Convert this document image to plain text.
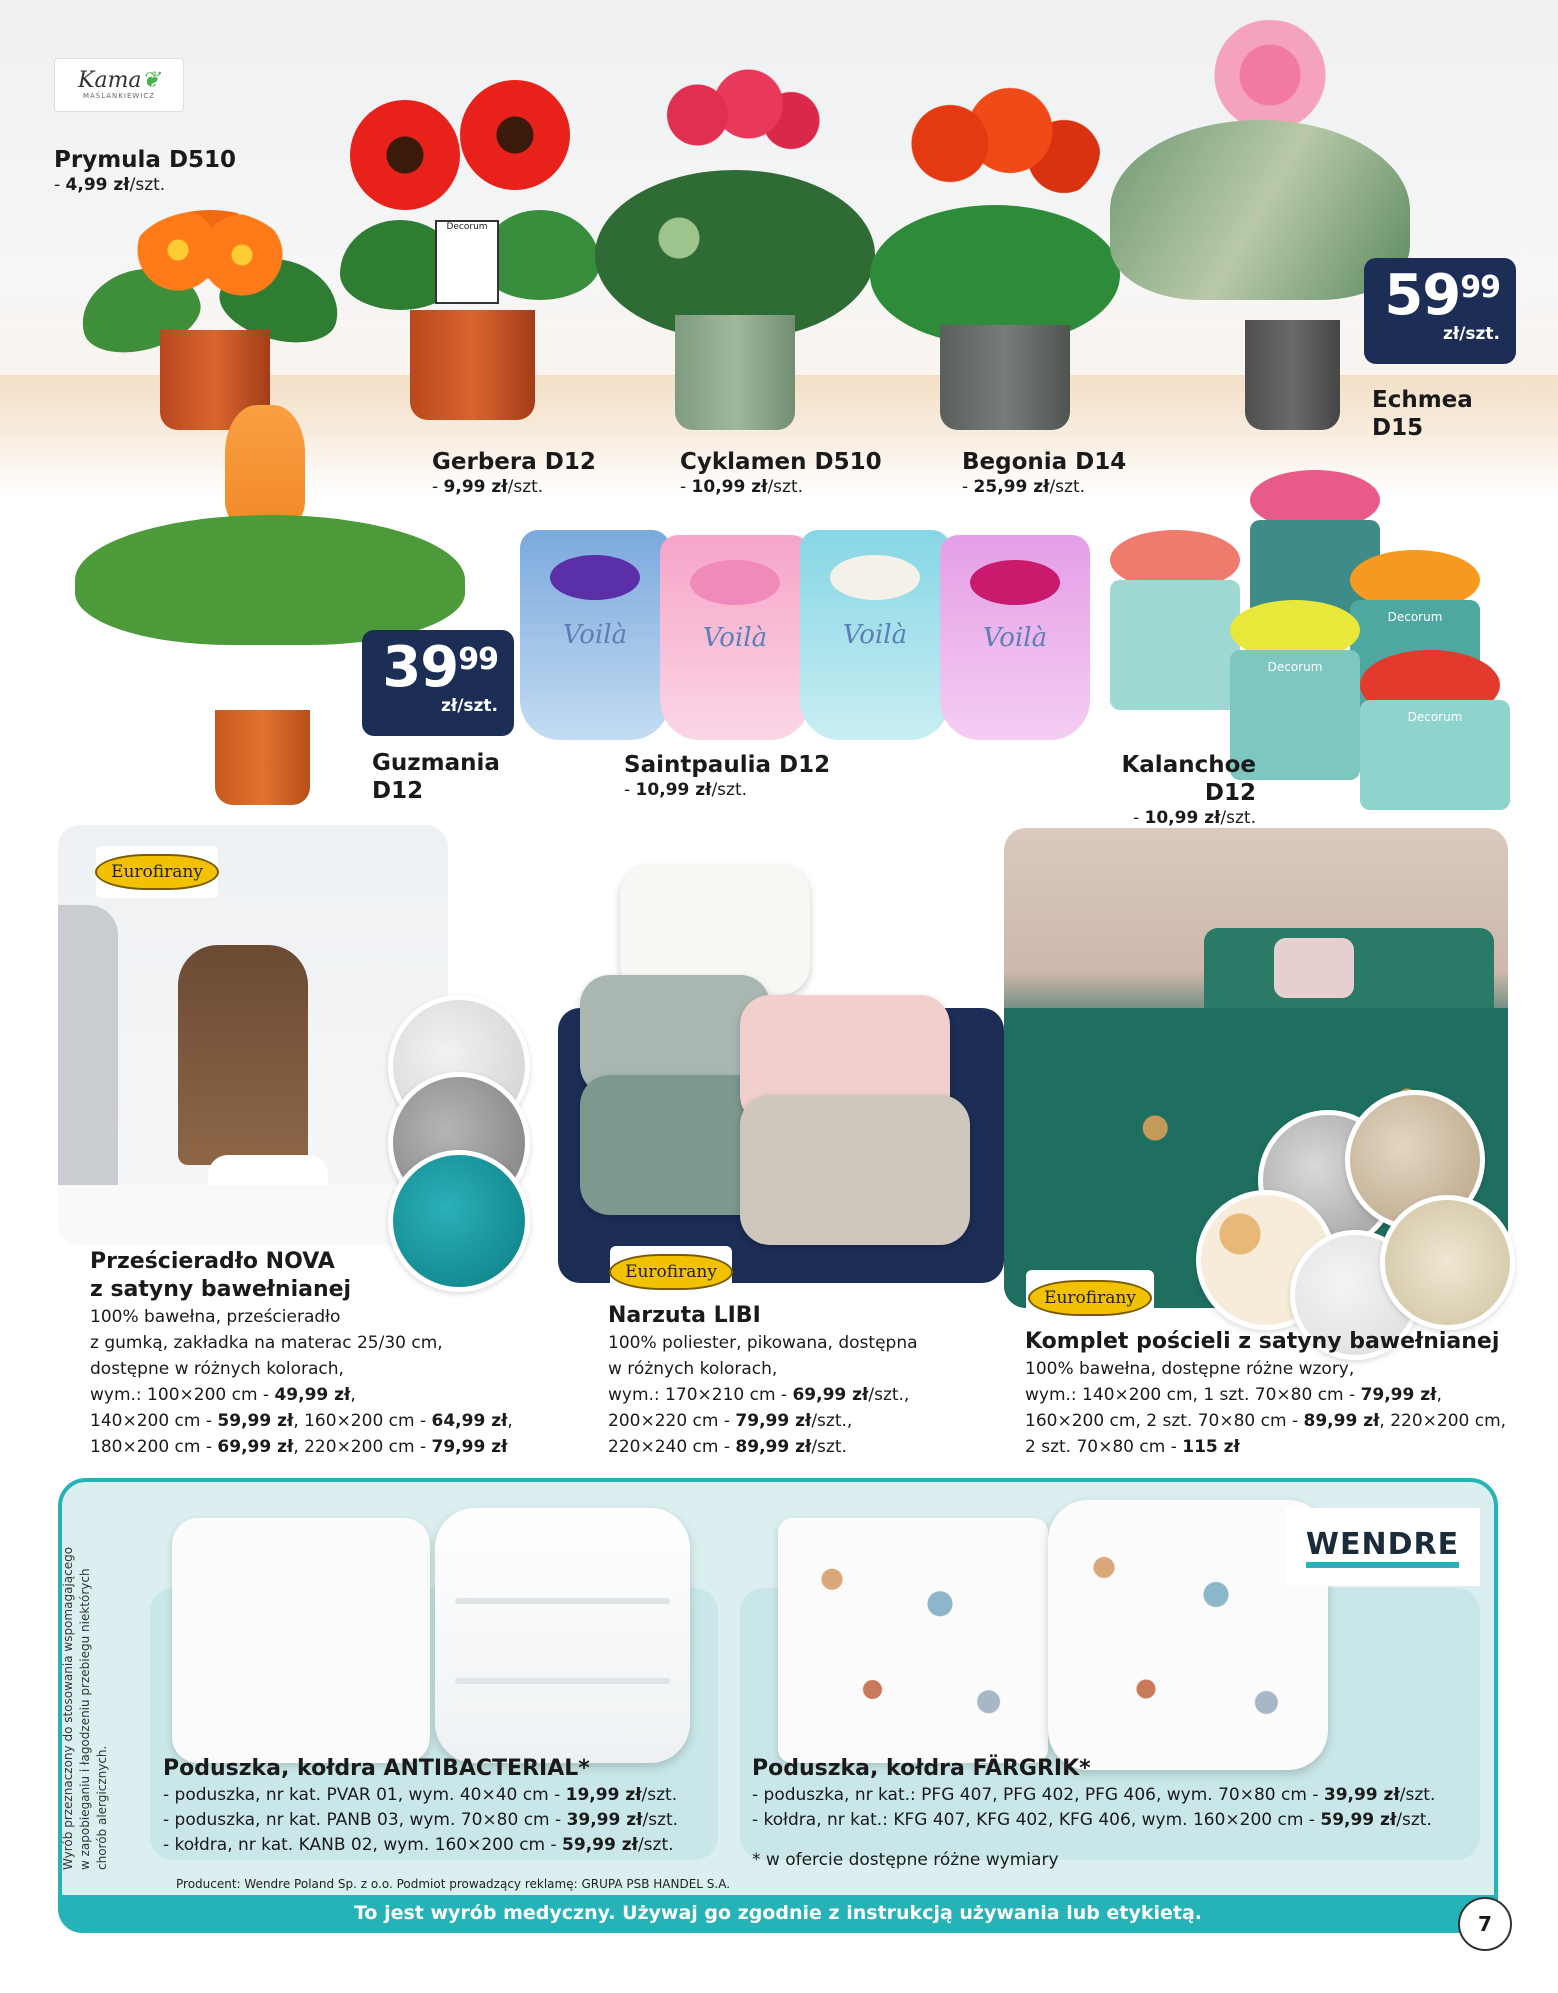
Kama❦
MAŚLANKIEWICZ
Prymula D510
- 4,99 zł/szt.
Decorum
Gerbera D12
- 9,99 zł/szt.
Cyklamen D510
- 10,99 zł/szt.
Begonia D14
- 25,99 zł/szt.
$59^{99}$
zł/szt.
Echmea
D15
$39^{99}$
zł/szt.
Guzmania
D12
Voilà	Voilà	Voilà	Voilà
Saintpaulia D12
- 10,99 zł/szt.
Decorum
Decorum
Decorum
Kalanchoe D12
- 10,99 zł/szt.
Eurofirany
Prześcieradło NOVA
z satyny bawełnianej
100% bawełna, prześcieradło
z gumką, zakładka na materac 25/30 cm,
dostępne w różnych kolorach,
wym.: 100×200 cm - 49,99 zł,
140×200 cm - 59,99 zł, 160×200 cm - 64,99 zł,
180×200 cm - 69,99 zł, 220×200 cm - 79,99 zł
Eurofirany
Narzuta LIBI
100% poliester, pikowana, dostępna
w różnych kolorach,
wym.: 170×210 cm - 69,99 zł/szt.,
200×220 cm - 79,99 zł/szt.,
220×240 cm - 89,99 zł/szt.
Eurofirany
Komplet pościeli z satyny bawełnianej
100% bawełna, dostępne różne wzory,
wym.: 140×200 cm, 1 szt. 70×80 cm - 79,99 zł,
160×200 cm, 2 szt. 70×80 cm - 89,99 zł, 220×200 cm,
2 szt. 70×80 cm - 115 zł
Wyrób przeznaczony do stosowania wspomagającego w zapobieganiu i łagodzeniu przebiegu niektórych chorób alergicznych.
WENDRE
Poduszka, kołdra ANTIBACTERIAL*
- poduszka, nr kat. PVAR 01, wym. 40×40 cm - 19,99 zł/szt.
- poduszka, nr kat. PANB 03, wym. 70×80 cm - 39,99 zł/szt.
- kołdra, nr kat. KANB 02, wym. 160×200 cm - 59,99 zł/szt.
Poduszka, kołdra FÄRGRIK*
- poduszka, nr kat.: PFG 407, PFG 402, PFG 406, wym. 70×80 cm - 39,99 zł/szt.
- kołdra, nr kat.: KFG 407, KFG 402, KFG 406, wym. 160×200 cm - 59,99 zł/szt.
* w ofercie dostępne różne wymiary
Producent: Wendre Poland Sp. z o.o. Podmiot prowadzący reklamę: GRUPA PSB HANDEL S.A.
To jest wyrób medyczny. Używaj go zgodnie z instrukcją używania lub etykietą.	7
